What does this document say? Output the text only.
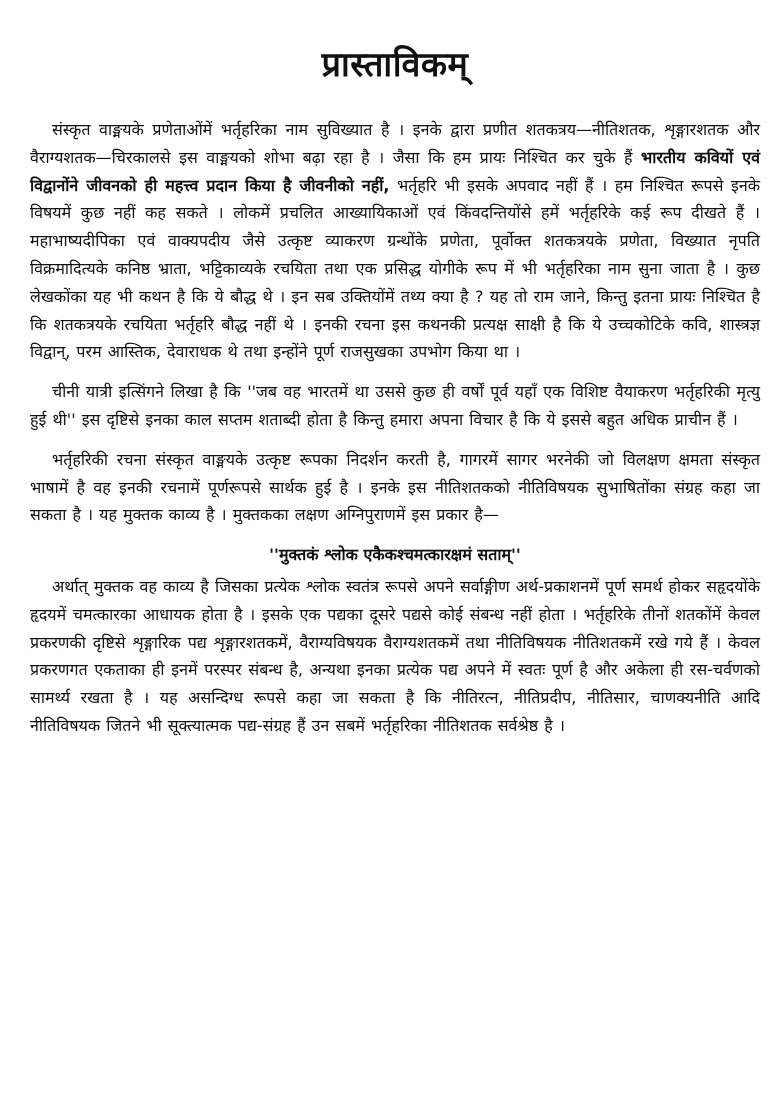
प्रास्ताविकम्

संस्कृत वाङ्मयके प्रणेताओंमें भर्तृहरिका नाम सुविख्यात है । इनके द्वारा प्रणीत शतकत्रय—नीतिशतक, शृङ्गारशतक और वैराग्यशतक—चिरकालसे इस वाङ्मयको शोभा बढ़ा रहा है । जैसा कि हम प्रायः निश्चित कर चुके हैं भारतीय कवियों एवं विद्वानोंने जीवनको ही महत्त्व प्रदान किया है जीवनीको नहीं, भर्तृहरि भी इसके अपवाद नहीं हैं । हम निश्चित रूपसे इनके विषयमें कुछ नहीं कह सकते । लोकमें प्रचलित आख्यायिकाओं एवं किंवदन्तियोंसे हमें भर्तृहरिके कई रूप दीखते हैं । महाभाष्यदीपिका एवं वाक्यपदीय जैसे उत्कृष्ट व्याकरण ग्रन्थोंके प्रणेता, पूर्वोक्त शतकत्रयके प्रणेता, विख्यात नृपति विक्रमादित्यके कनिष्ठ भ्राता, भट्टिकाव्यके रचयिता तथा एक प्रसिद्ध योगीके रूप में भी भर्तृहरिका नाम सुना जाता है । कुछ लेखकोंका यह भी कथन है कि ये बौद्ध थे । इन सब उक्तियोंमें तथ्य क्या है ? यह तो राम जाने, किन्तु इतना प्रायः निश्चित है कि शतकत्रयके रचयिता भर्तृहरि बौद्ध नहीं थे । इनकी रचना इस कथनकी प्रत्यक्ष साक्षी है कि ये उच्चकोटिके कवि, शास्त्रज्ञ विद्वान्, परम आस्तिक, देवाराधक थे तथा इन्होंने पूर्ण राजसुखका उपभोग किया था ।

चीनी यात्री इत्सिंगने लिखा है कि ''जब वह भारतमें था उससे कुछ ही वर्षों पूर्व यहाँ एक विशिष्ट वैयाकरण भर्तृहरिकी मृत्यु हुई थी'' इस दृष्टिसे इनका काल सप्तम शताब्दी होता है किन्तु हमारा अपना विचार है कि ये इससे बहुत अधिक प्राचीन हैं ।

भर्तृहरिकी रचना संस्कृत वाङ्मयके उत्कृष्ट रूपका निदर्शन करती है, गागरमें सागर भरनेकी जो विलक्षण क्षमता संस्कृत भाषामें है वह इनकी रचनामें पूर्णरूपसे सार्थक हुई है । इनके इस नीतिशतकको नीतिविषयक सुभाषितोंका संग्रह कहा जा सकता है । यह मुक्तक काव्य है । मुक्तकका लक्षण अग्निपुराणमें इस प्रकार है—

''मुक्तकं श्लोक एकैकश्चमत्कारक्षमं सताम्''

अर्थात् मुक्तक वह काव्य है जिसका प्रत्येक श्लोक स्वतंत्र रूपसे अपने सर्वाङ्गीण अर्थ-प्रकाशनमें पूर्ण समर्थ होकर सहृदयोंके हृदयमें चमत्कारका आधायक होता है । इसके एक पद्यका दूसरे पद्यसे कोई संबन्ध नहीं होता । भर्तृहरिके तीनों शतकोंमें केवल प्रकरणकी दृष्टिसे शृङ्गारिक पद्य शृङ्गारशतकमें, वैराग्यविषयक वैराग्यशतकमें तथा नीतिविषयक नीतिशतकमें रखे गये हैं । केवल प्रकरणगत एकताका ही इनमें परस्पर संबन्ध है, अन्यथा इनका प्रत्येक पद्य अपने में स्वतः पूर्ण है और अकेला ही रस-चर्वणको सामर्थ्य रखता है । यह असन्दिग्ध रूपसे कहा जा सकता है कि नीतिरत्न, नीतिप्रदीप, नीतिसार, चाणक्यनीति आदि नीतिविषयक जितने भी सूक्त्यात्मक पद्य-संग्रह हैं उन सबमें भर्तृहरिका नीतिशतक सर्वश्रेष्ठ है ।
